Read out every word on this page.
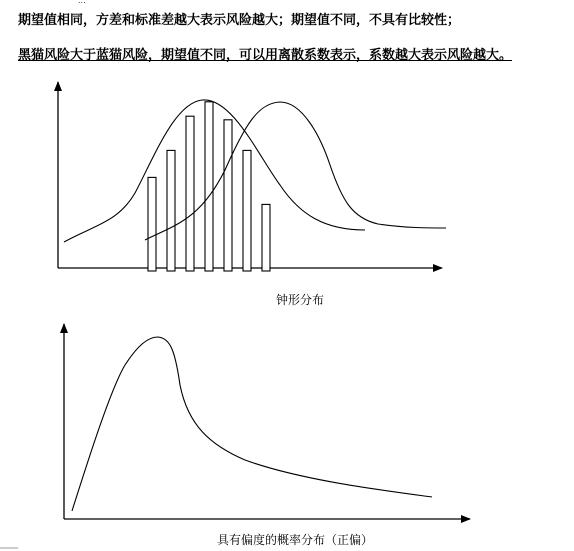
...
期望值相同，方差和标准差越大表示风险越大；期望值不同，不具有比较性；
黑猫风险大于蓝猫风险，期望值不同，可以用离散系数表示，系数越大表示风险越大。
钟形分布
具有偏度的概率分布（正偏）
